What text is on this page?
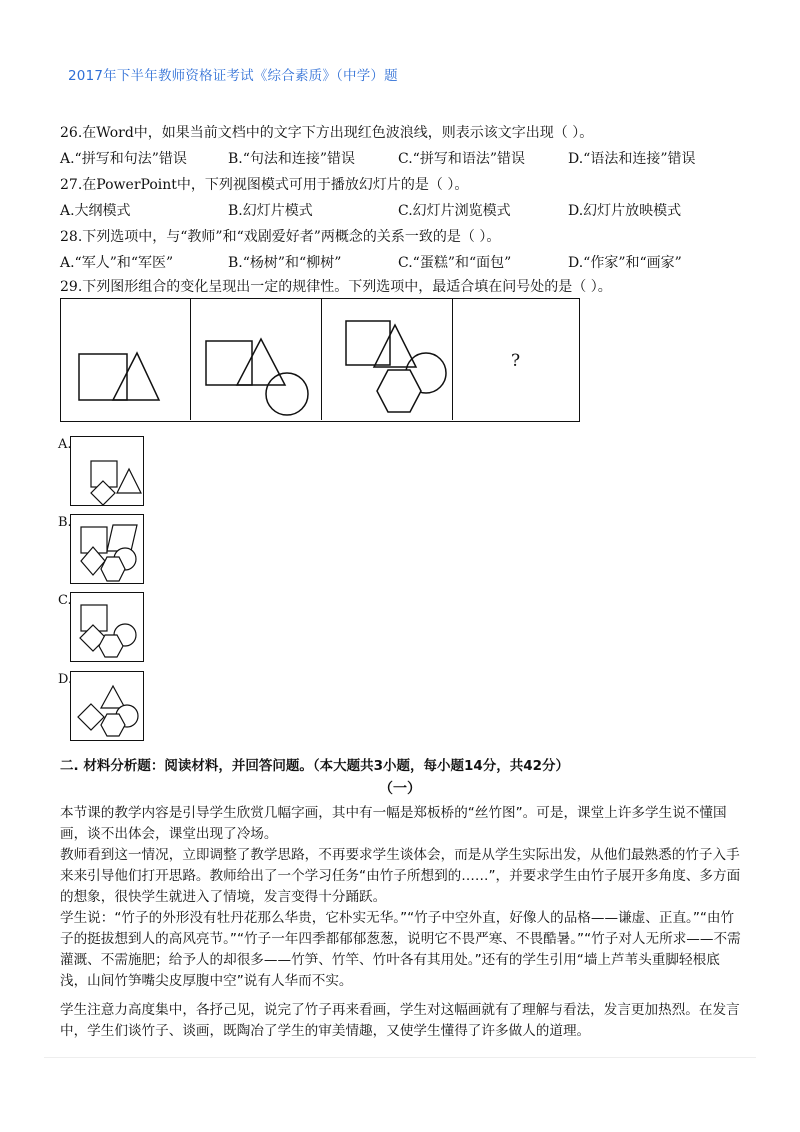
2017年下半年教师资格证考试《综合素质》（中学）题
26.在Word中，如果当前文档中的文字下方出现红色波浪线，则表示该文字出现（ ）。
A.“拼写和句法”错误	B.“句法和连接”错误	C.“拼写和语法”错误	D.“语法和连接”错误
27.在PowerPoint中，下列视图模式可用于播放幻灯片的是（ ）。
A.大纲模式	B.幻灯片模式	C.幻灯片浏览模式	D.幻灯片放映模式
28.下列选项中，与“教师”和“戏剧爱好者”两概念的关系一致的是（ ）。
A.“军人”和“军医”	B.“杨树”和“柳树”	C.“蛋糕”和“面包”	D.“作家”和“画家”
29.下列图形组合的变化呈现出一定的规律性。下列选项中，最适合填在问号处的是（ ）。
?
A.
B.
C.
D.
二. 材料分析题：阅读材料，并回答问题。（本大题共3小题，每小题14分，共42分）
（一）
本节课的教学内容是引导学生欣赏几幅字画，其中有一幅是郑板桥的“丝竹图”。可是，课堂上许多学生说不懂国画，谈不出体会，课堂出现了冷场。
教师看到这一情况，立即调整了教学思路，不再要求学生谈体会，而是从学生实际出发，从他们最熟悉的竹子入手来来引导他们打开思路。教师给出了一个学习任务“由竹子所想到的……”，并要求学生由竹子展开多角度、多方面的想象，很快学生就进入了情境，发言变得十分踊跃。
学生说：“竹子的外形没有牡丹花那么华贵，它朴实无华。”“竹子中空外直，好像人的品格——谦虚、正直。”“由竹子的挺拔想到人的高风亮节。”“竹子一年四季都郁郁葱葱，说明它不畏严寒、不畏酷暑。”“竹子对人无所求——不需灌溉、不需施肥；给予人的却很多——竹笋、竹竿、竹叶各有其用处。”还有的学生引用“墙上芦苇头重脚轻根底浅，山间竹笋嘴尖皮厚腹中空”说有人华而不实。
学生注意力高度集中，各抒己见，说完了竹子再来看画，学生对这幅画就有了理解与看法，发言更加热烈。在发言中，学生们谈竹子、谈画，既陶冶了学生的审美情趣，又使学生懂得了许多做人的道理。
